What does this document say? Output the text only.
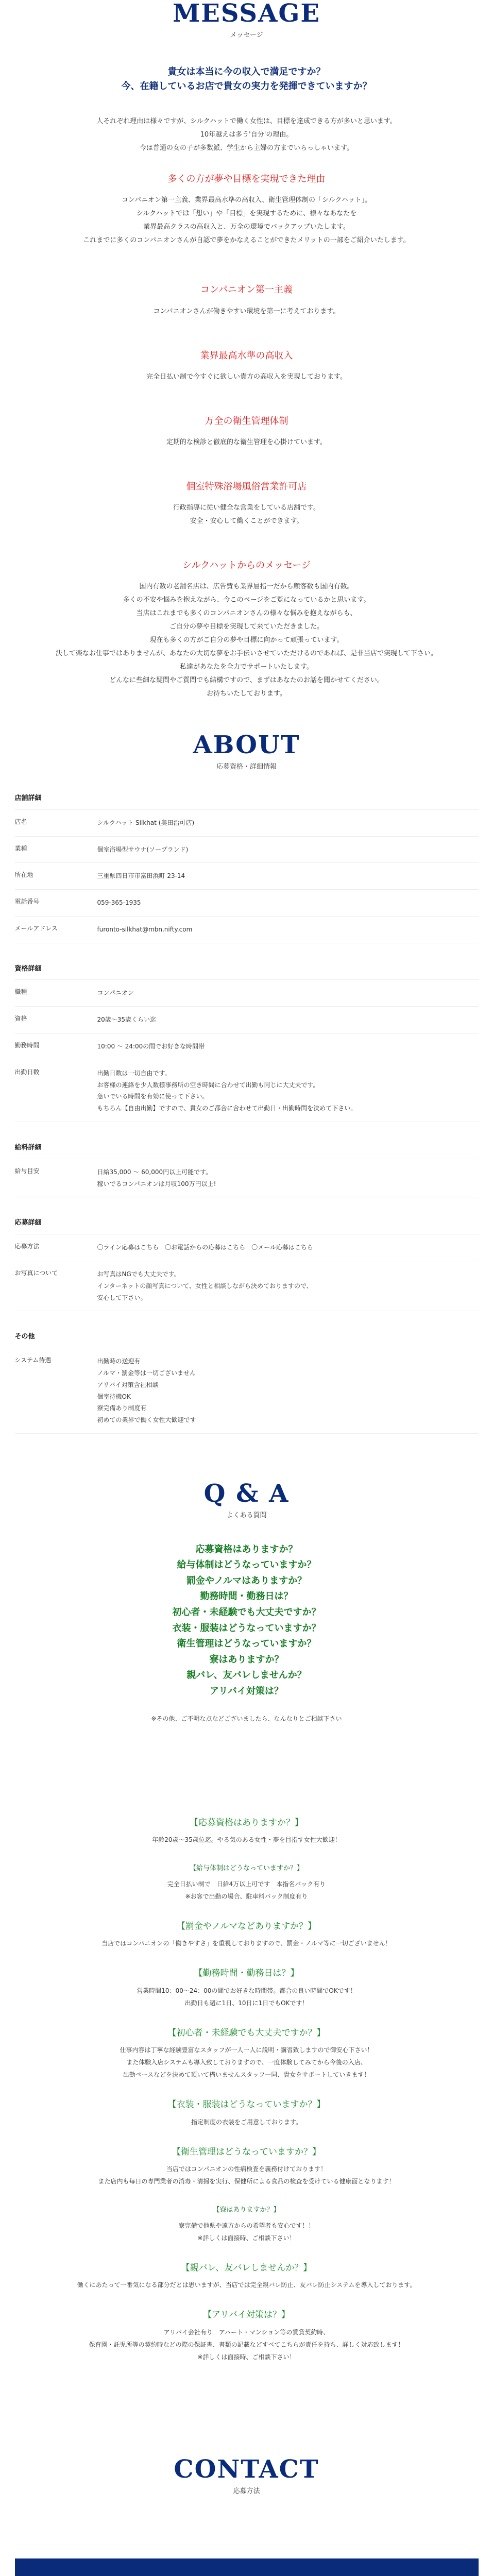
MESSAGE
メッセージ
貴女は本当に今の収入で満足ですか？
今、在籍しているお店で貴女の実力を発揮できていますか？
人それぞれ理由は様々ですが、シルクハットで働く女性は、目標を達成できる方が多いと思います。
10年越えは多う'自分'の理由。
今は普通の女の子が多数派、学生から主婦の方までいらっしゃいます。
多くの方が夢や目標を実現できた理由
コンパニオン第一主義、業界最高水準の高収入、衛生管理体制の「シルクハット」。
シルクハットでは「想い」や「目標」を実現するために、様々なあなたを
業界最高クラスの高収入と、万全の環境でバックアップいたします。
これまでに多くのコンパニオンさんが自認で夢をかなえることができたメリットの一部をご紹介いたします。
コンパニオン第一主義
コンパニオンさんが働きやすい環境を第一に考えております。
業界最高水準の高収入
完全日払い制で今すぐに欲しい貴方の高収入を実現しております。
万全の衛生管理体制
定期的な検診と徹底的な衛生管理を心掛けています。
個室特殊浴場風俗営業許可店
行政指導に従い健全な営業をしている店舗です。
安全・安心して働くことができます。
シルクハットからのメッセージ
国内有数の老舗名店は、広告費も業界屈指一だから顧客数も国内有数。
多くの不安や悩みを抱えながら、今このページをご覧になっているかと思います。
当店はこれまでも多くのコンパニオンさんの様々な悩みを抱えながらも、
ご自分の夢や目標を実現して来ていただきました。
現在も多くの方がご自分の夢や目標に向かって頑張っています。
決して楽なお仕事ではありませんが、あなたの大切な夢をお手伝いさせていただけるのであれば、是非当店で実現して下さい。
私達があなたを全力でサポートいたします。
どんなに些細な疑問やご質問でも結構ですので、まずはあなたのお話を聞かせてください。
お待ちいたしております。
ABOUT
応募資格・詳細情報
店舗詳細
店名	シルクハット Silkhat (奥田治可店)
業種	個室浴場型サウナ(ソープランド)
所在地	三重県四日市市富田浜町 23-14
電話番号	059-365-1935
メールアドレス	furonto-silkhat@mbn.nifty.com
資格詳細
職種	コンパニオン
資格	20歳〜35歳くらい迄
勤務時間	10:00 〜 24:00の間でお好きな時間帯
出勤日数	出勤日数は一切自由です。
お客様の連絡を少人数様事務所の空き時間に合わせて出勤も同じに大丈夫です。
急いでいる時間を有効に使って下さい。
もちろん【自由出勤】ですので、貴女のご都合に合わせて出勤日・出勤時間を決めて下さい。
給料詳細
給与目安	日給35,000 〜 60,000円以上可能です。
稼いでるコンパニオンは月収100万円以上!
応募詳細
応募方法	〇ライン応募はこちら　〇お電話からの応募はこちら　〇メール応募はこちら
お写真について	お写真はNGでも大丈夫です。
インターネットの顔写真について、女性と相談しながら決めておりますので、
安心して下さい。
その他
システム待遇	出勤時の送迎有
ノルマ・罰金等は一切ございません
アリバイ対策含社相談
個室待機OK
寮完備あり制度有
初めての業界で働く女性大歓迎です
Q & A
よくある質問
応募資格はありますか？
給与体制はどうなっていますか？
罰金やノルマはありますか？
勤務時間・勤務日は？
初心者・未経験でも大丈夫ですか？
衣装・服装はどうなっていますか？
衛生管理はどうなっていますか？
寮はありますか？
親バレ、友バレしませんか？
アリバイ対策は？
※その他、ご不明な点などございましたら、なんなりとご相談下さい
【応募資格はありますか？】
年齢20歳〜35歳位迄。やる気のある女性・夢を目指す女性大歓迎！
【給与体制はどうなっていますか？】
完全日払い制で　日給4万以上可です　本指名バック有り
※お客で出勤の場合、駐車料バック制度有り
【罰金やノルマなどありますか？】
当店ではコンパニオンの「働きやすさ」を重視しておりますので、罰金・ノルマ等に一切ございません！
【勤務時間・勤務日は？】
営業時間10：00〜24：00の間でお好きな時間帯。都合の良い時間でOKです！
出勤日も週に1日、10日に1日でもOKです！
【初心者・未経験でも大丈夫ですか？】
仕事内容は丁寧な経験豊富なスタッフが一人一人に説明・講習致しますので御安心下さい！
また体験入店システムも導入致しておりますので、一度体験してみてから今後の入店、
出勤ペースなどを決めて頂いて構いませんスタッフ一同、貴女をサポートしていきます！
【衣装・服装はどうなっていますか？】
指定制度の衣装をご用意しております。
【衛生管理はどうなっていますか？】
当店ではコンパニオンの性病検査を義務付けております！
また店内も毎日の専門業者の消毒・清掃を実行、保健所による食品の検査を受けている健康面となります！
【寮はありますか？】
寮完備で他県や遠方からの希望者も安心です！！
※詳しくは面接時、ご相談下さい！
【親バレ、友バレしませんか？】
働くにあたって一番気になる部分だとは思いますが、当店では完全親バレ防止、友バレ防止システムを導入しております。
【アリバイ対策は？】
アリバイ会社有り　アパート・マンション等の賃貸契約時、
保育園・託児所等の契約時などの際の保証書、書類の記載などすべてこちらが責任を持ち、詳しく対応致します！
※詳しくは面接時、ご相談下さい！
CONTACT
応募方法
